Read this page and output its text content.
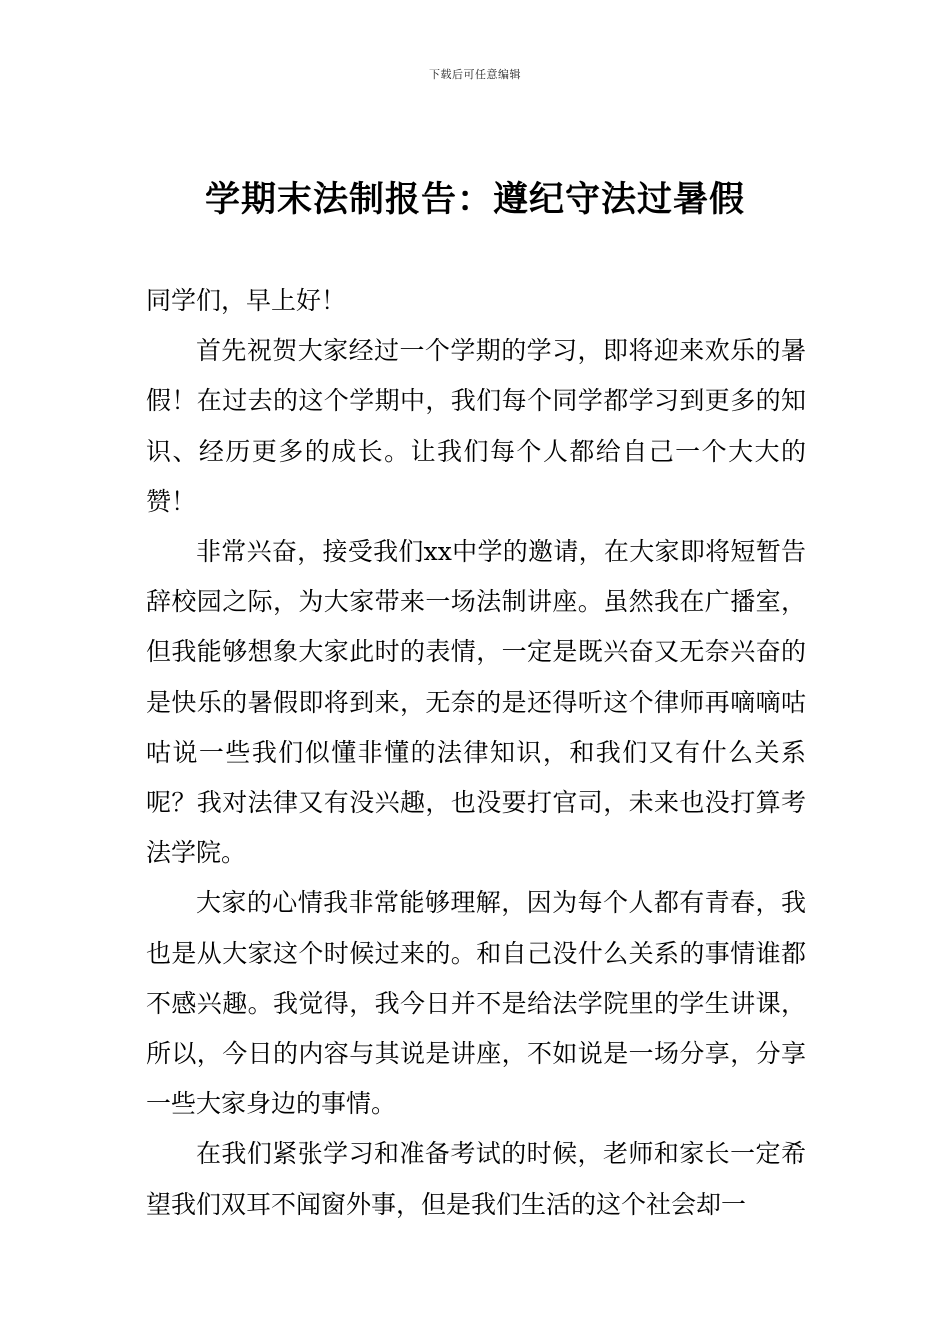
下载后可任意编辑
学期末法制报告：遵纪守法过暑假

同学们，早上好！

首先祝贺大家经过一个学期的学习，即将迎来欢乐的暑假！在过去的这个学期中，我们每个同学都学习到更多的知识、经历更多的成长。让我们每个人都给自己一个大大的赞！

非常兴奋，接受我们xx中学的邀请，在大家即将短暂告辞校园之际，为大家带来一场法制讲座。虽然我在广播室，但我能够想象大家此时的表情，一定是既兴奋又无奈兴奋的是快乐的暑假即将到来，无奈的是还得听这个律师再嘀嘀咕咕说一些我们似懂非懂的法律知识，和我们又有什么关系呢？我对法律又有没兴趣，也没要打官司，未来也没打算考法学院。

大家的心情我非常能够理解，因为每个人都有青春，我也是从大家这个时候过来的。和自己没什么关系的事情谁都不感兴趣。我觉得，我今日并不是给法学院里的学生讲课，所以，今日的内容与其说是讲座，不如说是一场分享，分享一些大家身边的事情。

在我们紧张学习和准备考试的时候，老师和家长一定希望我们双耳不闻窗外事，但是我们生活的这个社会却一
